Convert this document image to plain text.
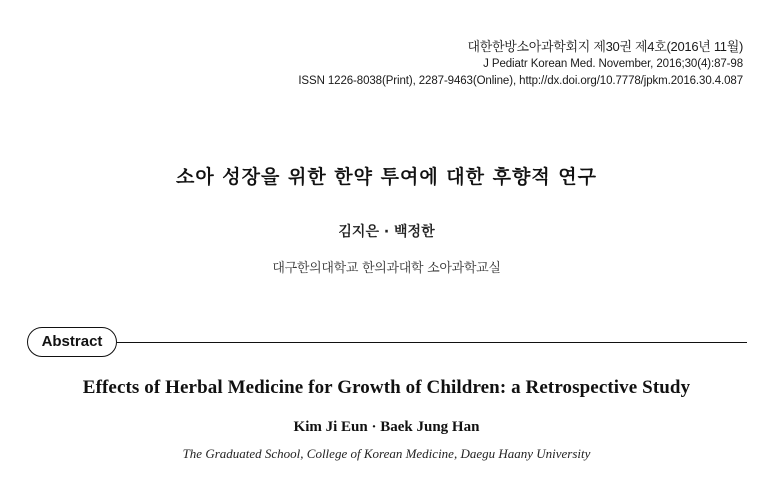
대한한방소아과학회지 제30권 제4호(2016년 11월)
J Pediatr Korean Med. November, 2016;30(4):87-98
ISSN 1226-8038(Print), 2287-9463(Online), http://dx.doi.org/10.7778/jpkm.2016.30.4.087
소아 성장을 위한 한약 투여에 대한 후향적 연구
김지은 · 백정한
대구한의대학교 한의과대학 소아과학교실
Abstract
Effects of Herbal Medicine for Growth of Children: a Retrospective Study
Kim Ji Eun · Baek Jung Han
The Graduated School, College of Korean Medicine, Daegu Haany University
